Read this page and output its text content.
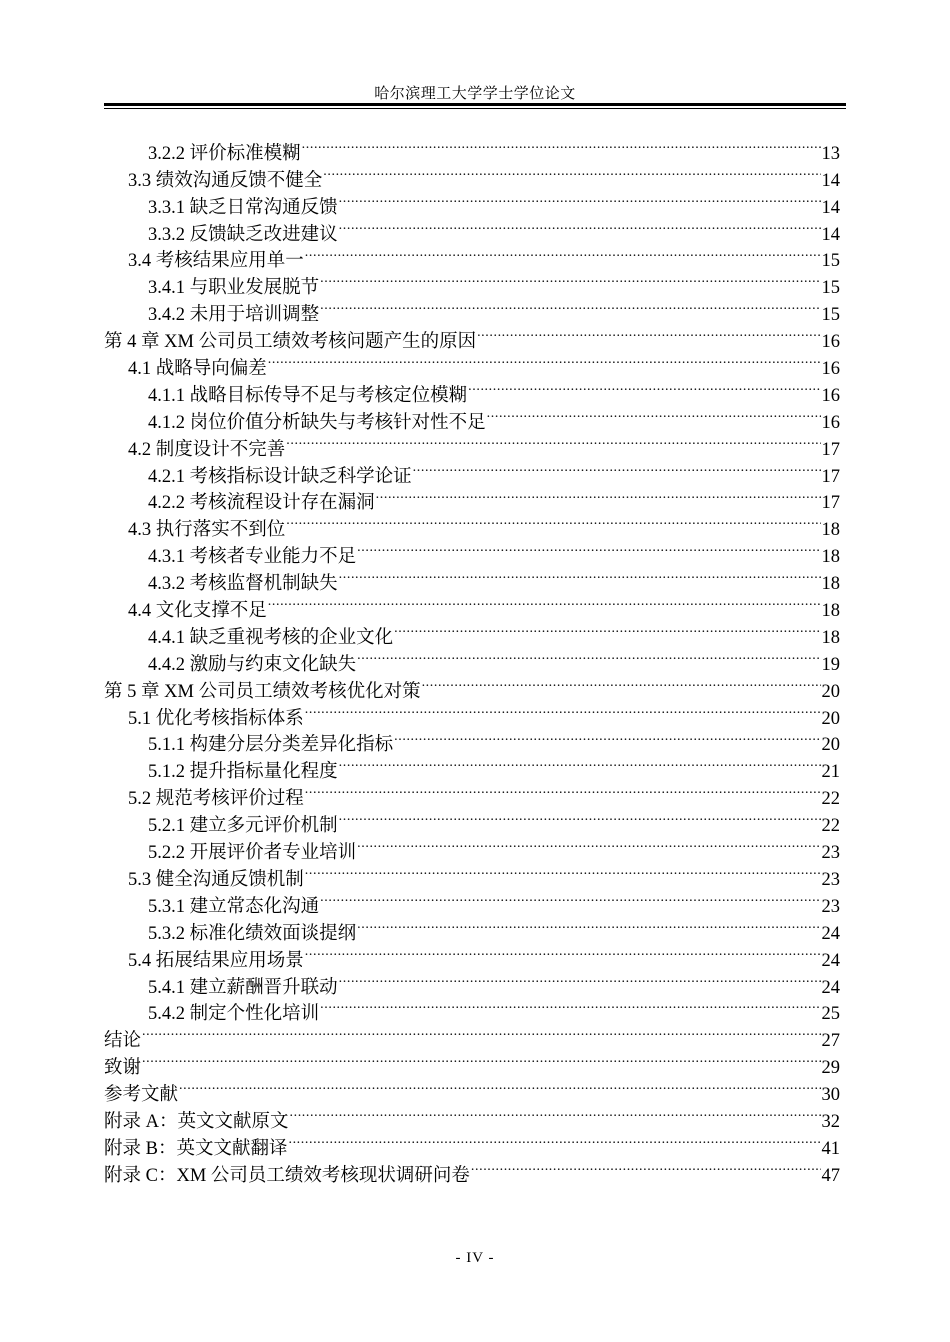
哈尔滨理工大学学士学位论文
3.2.2 评价标准模糊 .....	13
3.3 绩效沟通反馈不健全 .....	14
3.3.1 缺乏日常沟通反馈 .....	14
3.3.2 反馈缺乏改进建议 .....	14
3.4 考核结果应用单一 .....	15
3.4.1 与职业发展脱节 .....	15
3.4.2 未用于培训调整 .....	15
第 4 章 XM 公司员工绩效考核问题产生的原因 .....	16
4.1 战略导向偏差 .....	16
4.1.1 战略目标传导不足与考核定位模糊 .....	16
4.1.2 岗位价值分析缺失与考核针对性不足 .....	16
4.2 制度设计不完善 .....	17
4.2.1 考核指标设计缺乏科学论证 .....	17
4.2.2 考核流程设计存在漏洞 .....	17
4.3 执行落实不到位 .....	18
4.3.1 考核者专业能力不足 .....	18
4.3.2 考核监督机制缺失 .....	18
4.4 文化支撑不足 .....	18
4.4.1 缺乏重视考核的企业文化 .....	18
4.4.2 激励与约束文化缺失 .....	19
第 5 章 XM 公司员工绩效考核优化对策 .....	20
5.1 优化考核指标体系 .....	20
5.1.1 构建分层分类差异化指标 .....	20
5.1.2 提升指标量化程度 .....	21
5.2 规范考核评价过程 .....	22
5.2.1 建立多元评价机制 .....	22
5.2.2 开展评价者专业培训 .....	23
5.3 健全沟通反馈机制 .....	23
5.3.1 建立常态化沟通 .....	23
5.3.2 标准化绩效面谈提纲 .....	24
5.4 拓展结果应用场景 .....	24
5.4.1 建立薪酬晋升联动 .....	24
5.4.2 制定个性化培训 .....	25
结论 .....	27
致谢 .....	29
参考文献 .....	30
附录 A：英文文献原文 .....	32
附录 B：英文文献翻译 .....	41
附录 C：XM 公司员工绩效考核现状调研问卷 .....	47
- IV -
